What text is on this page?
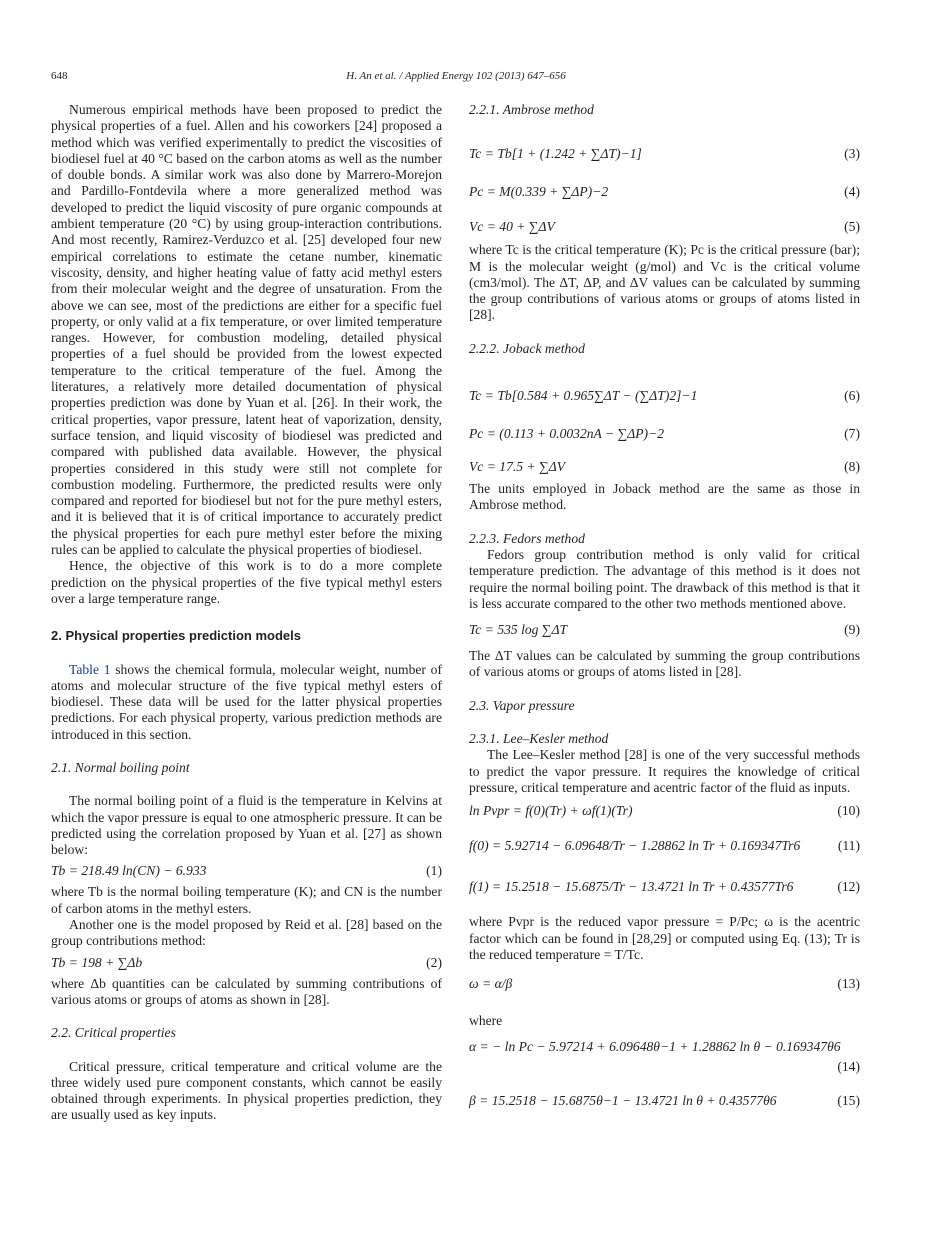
648	H. An et al. / Applied Energy 102 (2013) 647–656

Numerous empirical methods have been proposed to predict the physical properties of a fuel. Allen and his coworkers [24] proposed a method which was verified experimentally to predict the viscosities of biodiesel fuel at 40 °C based on the carbon atoms as well as the number of double bonds. A similar work was also done by Marrero-Morejon and Pardillo-Fontdevila where a more generalized method was developed to predict the liquid viscosity of pure organic compounds at ambient temperature (20 °C) by using group-interaction contributions. And most recently, Ramirez-Verduzco et al. [25] developed four new empirical correlations to estimate the cetane number, kinematic viscosity, density, and higher heating value of fatty acid methyl esters from their molecular weight and the degree of unsaturation. From the above we can see, most of the predictions are either for a specific fuel property, or only valid at a fix temperature, or over limited temperature ranges. However, for combustion modeling, detailed physical properties of a fuel should be provided from the lowest expected temperature to the critical temperature of the fuel. Among the literatures, a relatively more detailed documentation of physical properties prediction was done by Yuan et al. [26]. In their work, the critical properties, vapor pressure, latent heat of vaporization, density, surface tension, and liquid viscosity of biodiesel was predicted and compared with published data available. However, the physical properties considered in this study were still not complete for combustion modeling. Furthermore, the predicted results were only compared and reported for biodiesel but not for the pure methyl esters, and it is believed that it is of critical importance to accurately predict the physical properties for each pure methyl ester before the mixing rules can be applied to calculate the physical properties of biodiesel.

Hence, the objective of this work is to do a more complete prediction on the physical properties of the five typical methyl esters over a large temperature range.

2. Physical properties prediction models

Table 1 shows the chemical formula, molecular weight, number of atoms and molecular structure of the five typical methyl esters of biodiesel. These data will be used for the latter physical properties predictions. For each physical property, various prediction methods are introduced in this section.

2.1. Normal boiling point

The normal boiling point of a fluid is the temperature in Kelvins at which the vapor pressure is equal to one atmospheric pressure. It can be predicted using the correlation proposed by Yuan et al. [27] as shown below:

Tb = 218.49 ln(CN) − 6.933	(1)

where Tb is the normal boiling temperature (K); and CN is the number of carbon atoms in the methyl esters.

Another one is the model proposed by Reid et al. [28] based on the group contributions method:

Tb = 198 + ∑Δb	(2)

where Δb quantities can be calculated by summing contributions of various atoms or groups of atoms as shown in [28].

2.2. Critical properties

Critical pressure, critical temperature and critical volume are the three widely used pure component constants, which cannot be easily obtained through experiments. In physical properties prediction, they are usually used as key inputs.

2.2.1. Ambrose method

Tc = Tb[1 + (1.242 + ∑ΔT)−1]	(3)
Pc = M(0.339 + ∑ΔP)−2	(4)
Vc = 40 + ∑ΔV	(5)

where Tc is the critical temperature (K); Pc is the critical pressure (bar); M is the molecular weight (g/mol) and Vc is the critical volume (cm3/mol). The ΔT, ΔP, and ΔV values can be calculated by summing the group contributions of various atoms or groups of atoms listed in [28].

2.2.2. Joback method

Tc = Tb[0.584 + 0.965∑ΔT − (∑ΔT)2]−1	(6)
Pc = (0.113 + 0.0032nA − ∑ΔP)−2	(7)
Vc = 17.5 + ∑ΔV	(8)

The units employed in Joback method are the same as those in Ambrose method.

2.2.3. Fedors method

Fedors group contribution method is only valid for critical temperature prediction. The advantage of this method is it does not require the normal boiling point. The drawback of this method is that it is less accurate compared to the other two methods mentioned above.

Tc = 535 log ∑ΔT	(9)

The ΔT values can be calculated by summing the group contributions of various atoms or groups of atoms listed in [28].

2.3. Vapor pressure

2.3.1. Lee–Kesler method

The Lee–Kesler method [28] is one of the very successful methods to predict the vapor pressure. It requires the knowledge of critical pressure, critical temperature and acentric factor of the fluid as inputs.

ln Pvpr = f(0)(Tr) + ωf(1)(Tr)	(10)
f(0) = 5.92714 − 6.09648/Tr − 1.28862 ln Tr + 0.169347Tr6	(11)
f(1) = 15.2518 − 15.6875/Tr − 13.4721 ln Tr + 0.43577Tr6	(12)

where Pvpr is the reduced vapor pressure = P/Pc; ω is the acentric factor which can be found in [28,29] or computed using Eq. (13); Tr is the reduced temperature = T/Tc.

ω = α/β	(13)

where

α = − ln Pc − 5.97214 + 6.09648θ−1 + 1.28862 ln θ − 0.169347θ6
(14)
β = 15.2518 − 15.6875θ−1 − 13.4721 ln θ + 0.43577θ6	(15)
